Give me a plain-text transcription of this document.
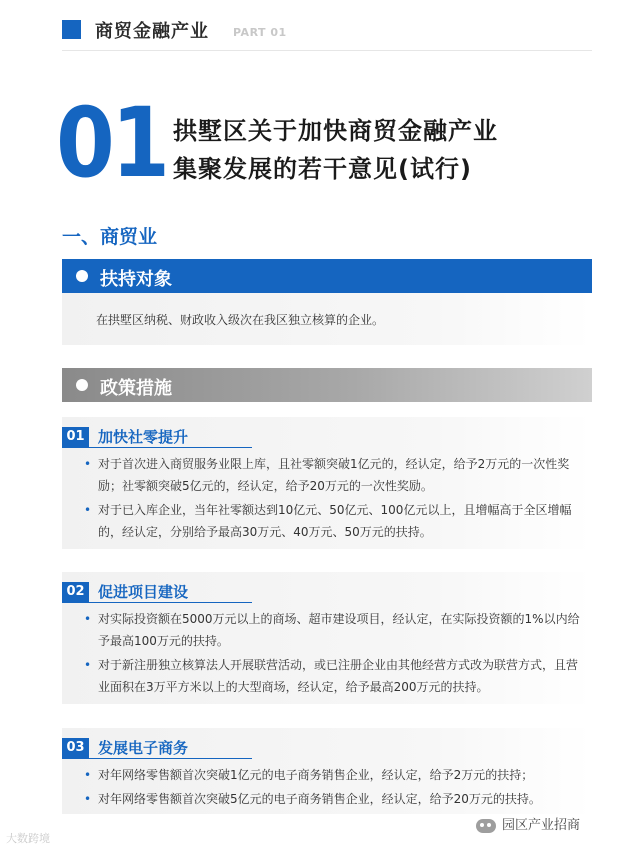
商贸金融产业 PART 01
01 拱墅区关于加快商贸金融产业
集聚发展的若干意见(试行)
一、商贸业
扶持对象
在拱墅区纳税、财政收入级次在我区独立核算的企业。
政策措施
01 加快社零提升
• 对于首次进入商贸服务业限上库，且社零额突破1亿元的，经认定，给予2万元的一次性奖励；社零额突破5亿元的，经认定，给予20万元的一次性奖励。
• 对于已入库企业，当年社零额达到10亿元、50亿元、100亿元以上，且增幅高于全区增幅的，经认定，分别给予最高30万元、40万元、50万元的扶持。
02 促进项目建设
• 对实际投资额在5000万元以上的商场、超市建设项目，经认定，在实际投资额的1%以内给予最高100万元的扶持。
• 对于新注册独立核算法人开展联营活动，或已注册企业由其他经营方式改为联营方式，且营业面积在3万平方米以上的大型商场，经认定，给予最高200万元的扶持。
03 发展电子商务
• 对年网络零售额首次突破1亿元的电子商务销售企业，经认定，给予2万元的扶持；
• 对年网络零售额首次突破5亿元的电子商务销售企业，经认定，给予20万元的扶持。
大数跨境
园区产业招商
